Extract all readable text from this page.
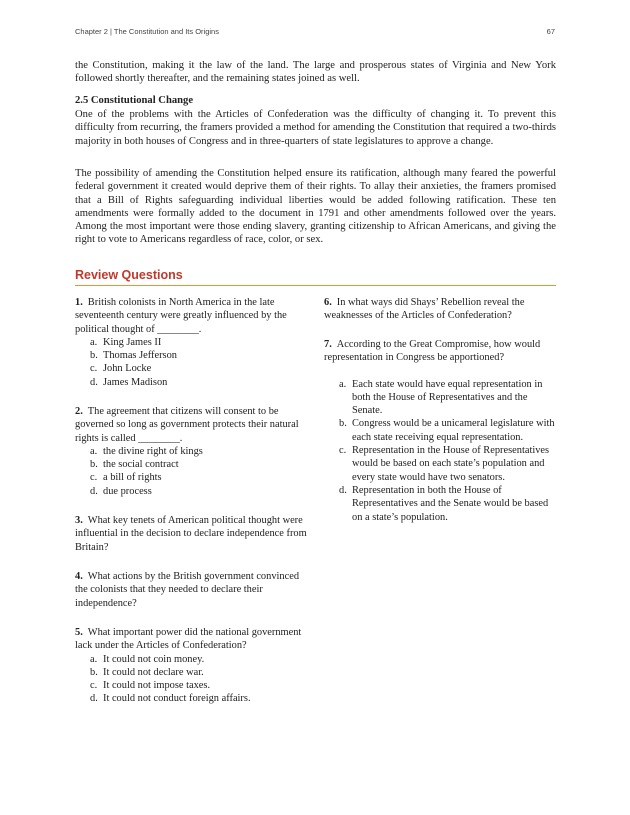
Chapter 2 | The Constitution and Its Origins	67

the Constitution, making it the law of the land. The large and prosperous states of Virginia and New York followed shortly thereafter, and the remaining states joined as well.

2.5 Constitutional Change

One of the problems with the Articles of Confederation was the difficulty of changing it. To prevent this difficulty from recurring, the framers provided a method for amending the Constitution that required a two-thirds majority in both houses of Congress and in three-quarters of state legislatures to approve a change.

The possibility of amending the Constitution helped ensure its ratification, although many feared the powerful federal government it created would deprive them of their rights. To allay their anxieties, the framers promised that a Bill of Rights safeguarding individual liberties would be added following ratification. These ten amendments were formally added to the document in 1791 and other amendments followed over the years. Among the most important were those ending slavery, granting citizenship to African Americans, and giving the right to vote to Americans regardless of race, color, or sex.

Review Questions

1. British colonists in North America in the late seventeenth century were greatly influenced by the political thought of ________.

a. King James II
b. Thomas Jefferson
c. John Locke
d. James Madison

2. The agreement that citizens will consent to be governed so long as government protects their natural rights is called ________.

a. the divine right of kings
b. the social contract
c. a bill of rights
d. due process

3. What key tenets of American political thought were influential in the decision to declare independence from Britain?

4. What actions by the British government convinced the colonists that they needed to declare their independence?

5. What important power did the national government lack under the Articles of Confederation?

a. It could not coin money.
b. It could not declare war.
c. It could not impose taxes.
d. It could not conduct foreign affairs.

6. In what ways did Shays’ Rebellion reveal the weaknesses of the Articles of Confederation?

7. According to the Great Compromise, how would representation in Congress be apportioned?

a. Each state would have equal representation in both the House of Representatives and the Senate.
b. Congress would be a unicameral legislature with each state receiving equal representation.
c. Representation in the House of Representatives would be based on each state’s population and every state would have two senators.
d. Representation in both the House of Representatives and the Senate would be based on a state’s population.
